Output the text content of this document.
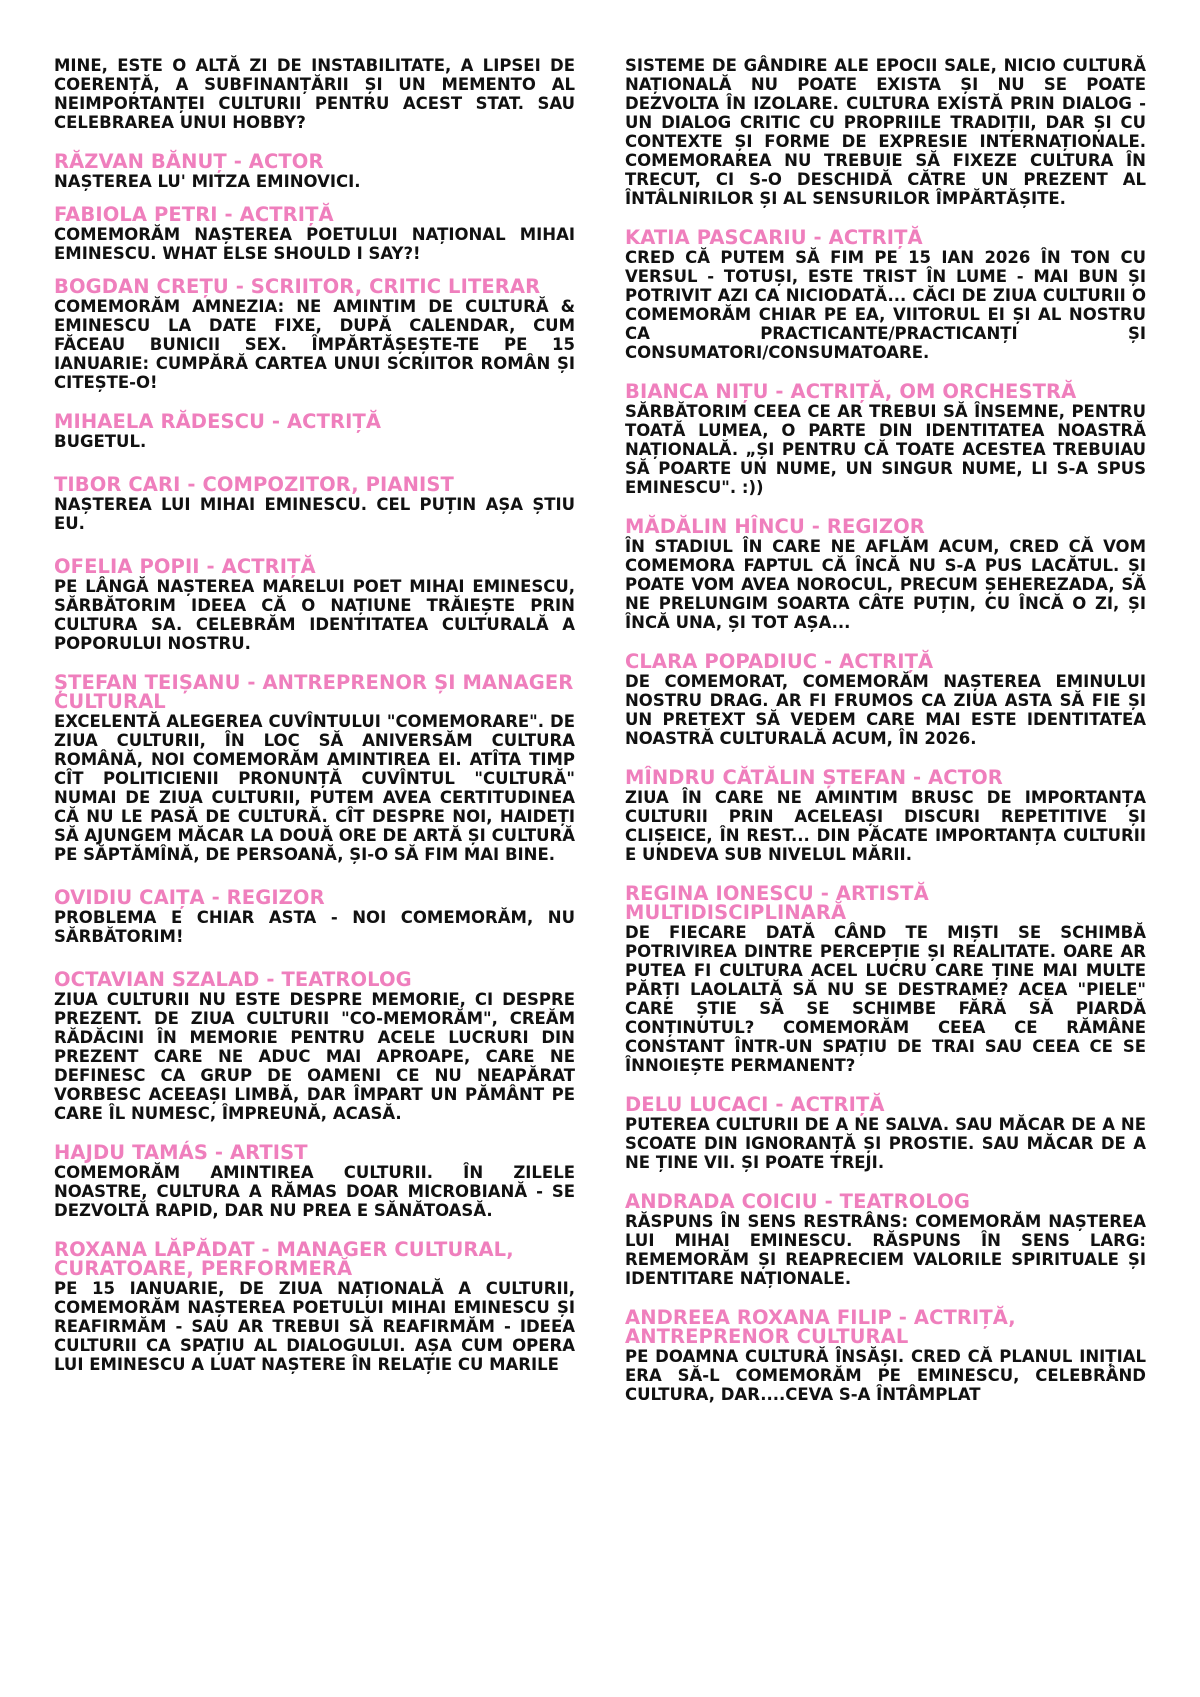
MINE, ESTE O ALTĂ ZI DE INSTABILITATE, A LIPSEI DE COERENȚĂ, A SUBFINANȚĂRII ȘI UN MEMENTO AL NEIMPORTANȚEI CULTURII PENTRU ACEST STAT. SAU CELEBRAREA UNUI HOBBY?
RĂZVAN BĂNUȚ - ACTOR
NAȘTEREA LU' MITZA EMINOVICI.
FABIOLA PETRI - ACTRIȚĂ
COMEMORĂM NAȘTEREA POETULUI NAȚIONAL MIHAI EMINESCU. WHAT ELSE SHOULD I SAY?!
BOGDAN CREȚU - SCRIITOR, CRITIC LITERAR
COMEMORĂM AMNEZIA: NE AMINTIM DE CULTURĂ & EMINESCU LA DATE FIXE, DUPĂ CALENDAR, CUM FĂCEAU BUNICII SEX. ÎMPĂRTĂȘEȘTE-TE PE 15 IANUARIE: CUMPĂRĂ CARTEA UNUI SCRIITOR ROMÂN ȘI CITEȘTE-O!
MIHAELA RĂDESCU - ACTRIȚĂ
BUGETUL.
TIBOR CARI - COMPOZITOR, PIANIST
NAȘTEREA LUI MIHAI EMINESCU. CEL PUȚIN AȘA ȘTIU EU.
OFELIA POPII - ACTRIȚĂ
PE LÂNGĂ NAȘTEREA MARELUI POET MIHAI EMINESCU, SĂRBĂTORIM IDEEA CĂ O NAȚIUNE TRĂIEȘTE PRIN CULTURA SA. CELEBRĂM IDENTITATEA CULTURALĂ A POPORULUI NOSTRU.
ȘTEFAN TEIȘANU - ANTREPRENOR ȘI MANAGER CULTURAL
EXCELENTĂ ALEGEREA CUVÎNTULUI "COMEMORARE". DE ZIUA CULTURII, ÎN LOC SĂ ANIVERSĂM CULTURA ROMÂNĂ, NOI COMEMORĂM AMINTIREA EI. ATÎTA TIMP CÎT POLITICIENII PRONUNȚĂ CUVÎNTUL "CULTURĂ" NUMAI DE ZIUA CULTURII, PUTEM AVEA CERTITUDINEA CĂ NU LE PASĂ DE CULTURĂ. CÎT DESPRE NOI, HAIDEȚI SĂ AJUNGEM MĂCAR LA DOUĂ ORE DE ARTĂ ȘI CULTURĂ PE SĂPTĂMÎNĂ, DE PERSOANĂ, ȘI-O SĂ FIM MAI BINE.
OVIDIU CAIȚA - REGIZOR
PROBLEMA E CHIAR ASTA - NOI COMEMORĂM, NU SĂRBĂTORIM!
OCTAVIAN SZALAD - TEATROLOG
ZIUA CULTURII NU ESTE DESPRE MEMORIE, CI DESPRE PREZENT. DE ZIUA CULTURII "CO-MEMORĂM", CREĂM RĂDĂCINI ÎN MEMORIE PENTRU ACELE LUCRURI DIN PREZENT CARE NE ADUC MAI APROAPE, CARE NE DEFINESC CA GRUP DE OAMENI CE NU NEAPĂRAT VORBESC ACEEAȘI LIMBĂ, DAR ÎMPART UN PĂMÂNT PE CARE ÎL NUMESC, ÎMPREUNĂ, ACASĂ.
HAJDU TAMÁS - ARTIST
COMEMORĂM AMINTIREA CULTURII. ÎN ZILELE NOASTRE, CULTURA A RĂMAS DOAR MICROBIANĂ - SE DEZVOLTĂ RAPID, DAR NU PREA E SĂNĂTOASĂ.
ROXANA LĂPĂDAT - MANAGER CULTURAL, CURATOARE, PERFORMERĂ
PE 15 IANUARIE, DE ZIUA NAȚIONALĂ A CULTURII, COMEMORĂM NAȘTEREA POETULUI MIHAI EMINESCU ȘI REAFIRMĂM - SAU AR TREBUI SĂ REAFIRMĂM - IDEEA CULTURII CA SPAȚIU AL DIALOGULUI. AȘA CUM OPERA LUI EMINESCU A LUAT NAȘTERE ÎN RELAȚIE CU MARILE
SISTEME DE GÂNDIRE ALE EPOCII SALE, NICIO CULTURĂ NAȚIONALĂ NU POATE EXISTA ȘI NU SE POATE DEZVOLTA ÎN IZOLARE. CULTURA EXISTĂ PRIN DIALOG - UN DIALOG CRITIC CU PROPRIILE TRADIȚII, DAR ȘI CU CONTEXTE ȘI FORME DE EXPRESIE INTERNAȚIONALE. COMEMORAREA NU TREBUIE SĂ FIXEZE CULTURA ÎN TRECUT, CI S-O DESCHIDĂ CĂTRE UN PREZENT AL ÎNTÂLNIRILOR ȘI AL SENSURILOR ÎMPĂRTĂȘITE.
KATIA PASCARIU - ACTRIȚĂ
CRED CĂ PUTEM SĂ FIM PE 15 IAN 2026 ÎN TON CU VERSUL - TOTUȘI, ESTE TRIST ÎN LUME - MAI BUN ȘI POTRIVIT AZI CA NICIODATĂ... CĂCI DE ZIUA CULTURII O COMEMORĂM CHIAR PE EA, VIITORUL EI ȘI AL NOSTRU CA PRACTICANTE/PRACTICANȚI ȘI CONSUMATORI/CONSUMATOARE.
BIANCA NIȚU - ACTRIȚĂ, OM ORCHESTRĂ
SĂRBĂTORIM CEEA CE AR TREBUI SĂ ÎNSEMNE, PENTRU TOATĂ LUMEA, O PARTE DIN IDENTITATEA NOASTRĂ NAȚIONALĂ. „ȘI PENTRU CĂ TOATE ACESTEA TREBUIAU SĂ POARTE UN NUME, UN SINGUR NUME, LI S-A SPUS EMINESCU". :))
MĂDĂLIN HÎNCU - REGIZOR
ÎN STADIUL ÎN CARE NE AFLĂM ACUM, CRED CĂ VOM COMEMORA FAPTUL CĂ ÎNCĂ NU S-A PUS LACĂTUL. ȘI POATE VOM AVEA NOROCUL, PRECUM ȘEHEREZADA, SĂ NE PRELUNGIM SOARTA CÂTE PUȚIN, CU ÎNCĂ O ZI, ȘI ÎNCĂ UNA, ȘI TOT AȘA...
CLARA POPADIUC - ACTRIȚĂ
DE COMEMORAT, COMEMORĂM NAȘTEREA EMINULUI NOSTRU DRAG. AR FI FRUMOS CA ZIUA ASTA SĂ FIE ȘI UN PRETEXT SĂ VEDEM CARE MAI ESTE IDENTITATEA NOASTRĂ CULTURALĂ ACUM, ÎN 2026.
MÎNDRU CĂTĂLIN ȘTEFAN - ACTOR
ZIUA ÎN CARE NE AMINTIM BRUSC DE IMPORTANȚA CULTURII PRIN ACELEAȘI DISCURI REPETITIVE ȘI CLIȘEICE, ÎN REST... DIN PĂCATE IMPORTANȚA CULTURII E UNDEVA SUB NIVELUL MĂRII.
REGINA IONESCU - ARTISTĂ MULTIDISCIPLINARĂ
DE FIECARE DATĂ CÂND TE MIȘTI SE SCHIMBĂ POTRIVIREA DINTRE PERCEPȚIE ȘI REALITATE. OARE AR PUTEA FI CULTURA ACEL LUCRU CARE ȚINE MAI MULTE PĂRȚI LAOLALTĂ SĂ NU SE DESTRAME? ACEA "PIELE" CARE ȘTIE SĂ SE SCHIMBE FĂRĂ SĂ PIARDĂ CONȚINUTUL? COMEMORĂM CEEA CE RĂMÂNE CONSTANT ÎNTR-UN SPAȚIU DE TRAI SAU CEEA CE SE ÎNNOIEȘTE PERMANENT?
DELU LUCACI - ACTRIȚĂ
PUTEREA CULTURII DE A NE SALVA. SAU MĂCAR DE A NE SCOATE DIN IGNORANȚĂ ȘI PROSTIE. SAU MĂCAR DE A NE ȚINE VII. ȘI POATE TREJI.
ANDRADA COICIU - TEATROLOG
RĂSPUNS ÎN SENS RESTRÂNS: COMEMORĂM NAȘTEREA LUI MIHAI EMINESCU. RĂSPUNS ÎN SENS LARG: REMEMORĂM ȘI REAPRECIEM VALORILE SPIRITUALE ȘI IDENTITARE NAȚIONALE.
ANDREEA ROXANA FILIP - ACTRIȚĂ, ANTREPRENOR CULTURAL
PE DOAMNA CULTURĂ ÎNSĂȘI. CRED CĂ PLANUL INIȚIAL ERA SĂ-L COMEMORĂM PE EMINESCU, CELEBRÂND CULTURA, DAR....CEVA S-A ÎNTÂMPLAT
